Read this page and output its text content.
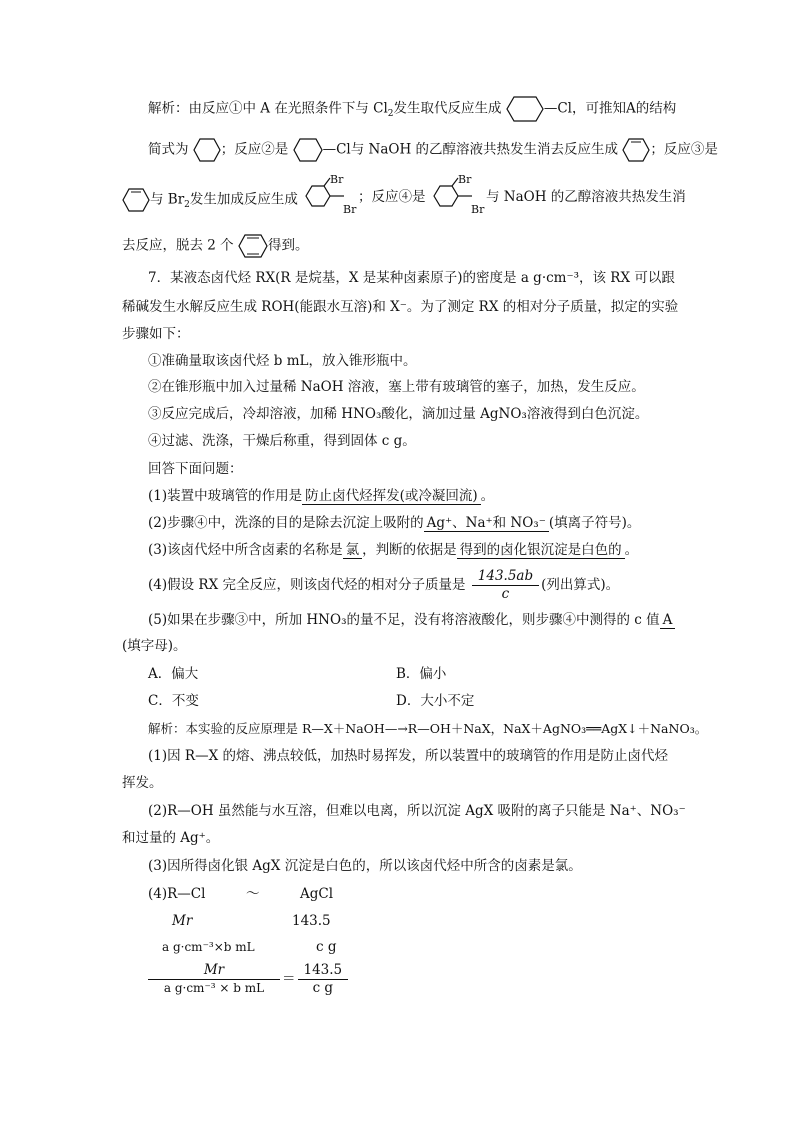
解析：由反应①中 A 在光照条件下与 $Cl_2$发生取代反应生成	—Cl，可推知A的结构
简式为 ；反应②是	—Cl与 NaOH 的乙醇溶液共热发生消去反应生成 ；反应③是
与 $Br_2$发生加成反应生成
Br
Br
；反应④是
Br
Br
与 NaOH 的乙醇溶液共热发生消
去反应，脱去 2 个	得到。
7．某液态卤代烃 RX(R 是烷基，X 是某种卤素原子)的密度是 a g·cm⁻³，该 RX 可以跟
稀碱发生水解反应生成 ROH(能跟水互溶)和 X⁻。为了测定 RX 的相对分子质量，拟定的实验
步骤如下：
①准确量取该卤代烃 b mL，放入锥形瓶中。
②在锥形瓶中加入过量稀 NaOH 溶液，塞上带有玻璃管的塞子，加热，发生反应。
③反应完成后，冷却溶液，加稀 HNO₃酸化，滴加过量 AgNO₃溶液得到白色沉淀。
④过滤、洗涤，干燥后称重，得到固体 c g。
回答下面问题：
(1)装置中玻璃管的作用是 防止卤代烃挥发(或冷凝回流) 。
(2)步骤④中，洗涤的目的是除去沉淀上吸附的 Ag⁺、Na⁺和 NO₃⁻ (填离子符号)。
(3)该卤代烃中所含卤素的名称是 氯 ，判断的依据是 得到的卤化银沉淀是白色的 。
(4)假设 RX 完全反应，则该卤代烃的相对分子质量是 $\frac{143.5ab}{c}$ (列出算式)。
(5)如果在步骤③中，所加 HNO₃的量不足，没有将溶液酸化，则步骤④中测得的 c 值 A
(填字母)。
A．偏大	B．偏小
C．不变	D．大小不定
解析：本实验的反应原理是 R—X＋NaOH—→R—OH＋NaX，NaX＋AgNO₃══AgX↓＋NaNO₃。
(1)因 R—X 的熔、沸点较低，加热时易挥发，所以装置中的玻璃管的作用是防止卤代烃
挥发。
(2)R—OH 虽然能与水互溶，但难以电离，所以沉淀 AgX 吸附的离子只能是 Na⁺、NO₃⁻
和过量的 Ag⁺。
(3)因所得卤化银 AgX 沉淀是白色的，所以该卤代烃中所含的卤素是氯。
(4)R—Cl	～	AgCl
Mr	143.5
a g·cm⁻³×b mL	c g
$\frac{Mr}{\text{a g·cm⁻³ × b mL}} = \frac{143.5}{\text{c g}}$
